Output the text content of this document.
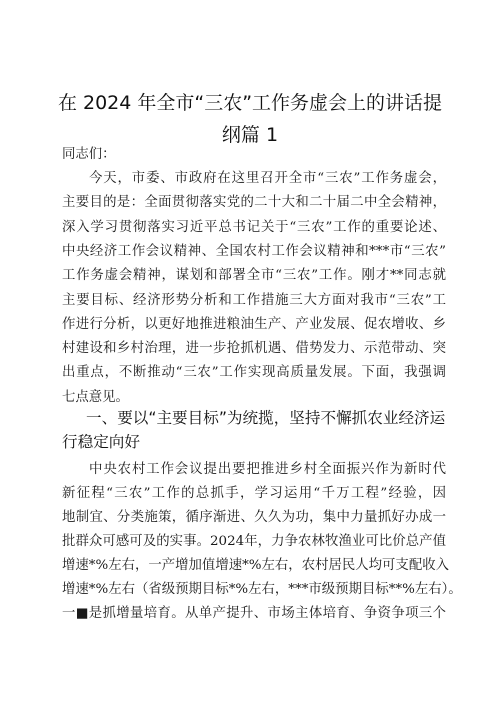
在 2024 年全市“三农”工作务虚会上的讲话提
纲篇 1
同志们：
今天，市委、市政府在这里召开全市“三农”工作务虚会，
主要目的是：全面贯彻落实党的二十大和二十届二中全会精神，
深入学习贯彻落实习近平总书记关于“三农”工作的重要论述、
中央经济工作会议精神、全国农村工作会议精神和***市“三农”
工作务虚会精神，谋划和部署全市“三农”工作。刚才**同志就
主要目标、经济形势分析和工作措施三大方面对我市“三农”工
作进行分析，以更好地推进粮油生产、产业发展、促农增收、乡
村建设和乡村治理，进一步抢抓机遇、借势发力、示范带动、突
出重点，不断推动“三农”工作实现高质量发展。下面，我强调
七点意见。
一、要以“主要目标”为统揽，坚持不懈抓农业经济运
行稳定向好
中央农村工作会议提出要把推进乡村全面振兴作为新时代
新征程“三农”工作的总抓手，学习运用“千万工程”经验，因
地制宜、分类施策，循序渐进、久久为功，集中力量抓好办成一
批群众可感可及的实事。2024年，力争农林牧渔业可比价总产值
增速*%左右，一产增加值增速*%左右，农村居民人均可支配收入
增速*%左右（省级预期目标*%左右，***市级预期目标**%左右）。
一■是抓增量培育。从单产提升、市场主体培育、争资争项三个
